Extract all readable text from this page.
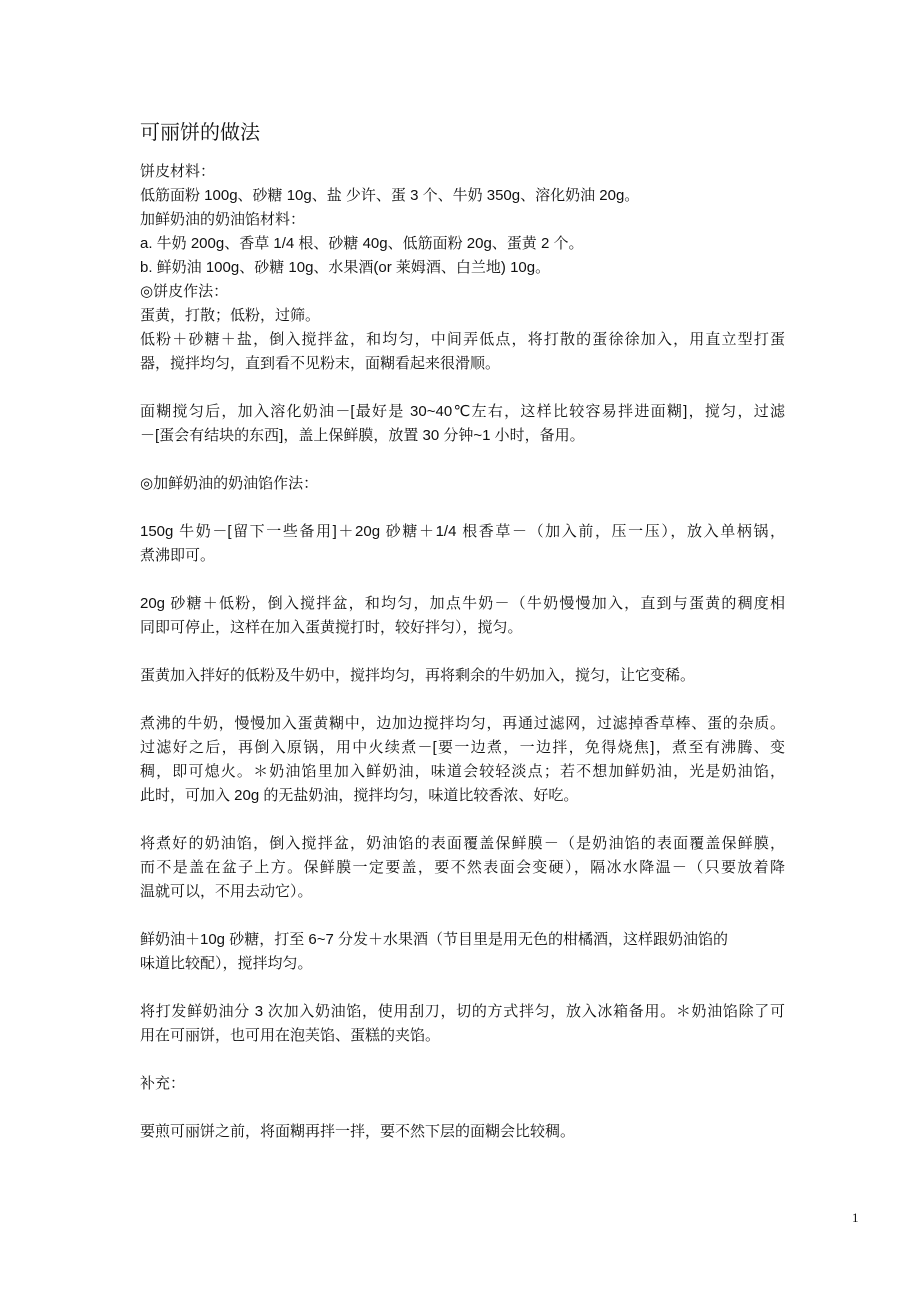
可丽饼的做法
饼皮材料：
低筋面粉 100g、砂糖 10g、盐 少许、蛋 3 个、牛奶 350g、溶化奶油 20g。
加鲜奶油的奶油馅材料：
a. 牛奶 200g、香草 1/4 根、砂糖 40g、低筋面粉 20g、蛋黄 2 个。
b. 鲜奶油 100g、砂糖 10g、水果酒(or 莱姆酒、白兰地) 10g。
◎饼皮作法：
蛋黄，打散；低粉，过筛。
低粉＋砂糖＋盐，倒入搅拌盆，和均匀，中间弄低点，将打散的蛋徐徐加入，用直立型打蛋
器，搅拌均匀，直到看不见粉末，面糊看起来很滑顺。
面糊搅匀后，加入溶化奶油－[最好是 30~40℃左右，这样比较容易拌进面糊]，搅匀，过滤
－[蛋会有结块的东西]，盖上保鲜膜，放置 30 分钟~1 小时，备用。
◎加鲜奶油的奶油馅作法：
150g 牛奶－[留下一些备用]＋20g 砂糖＋1/4 根香草－（加入前，压一压），放入单柄锅，
煮沸即可。
20g 砂糖＋低粉，倒入搅拌盆，和均匀，加点牛奶－（牛奶慢慢加入，直到与蛋黄的稠度相
同即可停止，这样在加入蛋黄搅打时，较好拌匀），搅匀。
蛋黄加入拌好的低粉及牛奶中，搅拌均匀，再将剩余的牛奶加入，搅匀，让它变稀。
煮沸的牛奶，慢慢加入蛋黄糊中，边加边搅拌均匀，再通过滤网，过滤掉香草棒、蛋的杂质。
过滤好之后，再倒入原锅，用中火续煮－[要一边煮，一边拌，免得烧焦]，煮至有沸腾、变
稠，即可熄火。＊奶油馅里加入鲜奶油，味道会较轻淡点；若不想加鲜奶油，光是奶油馅，
此时，可加入 20g 的无盐奶油，搅拌均匀，味道比较香浓、好吃。
将煮好的奶油馅，倒入搅拌盆，奶油馅的表面覆盖保鲜膜－（是奶油馅的表面覆盖保鲜膜，
而不是盖在盆子上方。保鲜膜一定要盖，要不然表面会变硬），隔冰水降温－（只要放着降
温就可以，不用去动它）。
鲜奶油＋10g 砂糖，打至 6~7 分发＋水果酒（节目里是用无色的柑橘酒，这样跟奶油馅的
味道比较配），搅拌均匀。
将打发鲜奶油分 3 次加入奶油馅，使用刮刀，切的方式拌匀，放入冰箱备用。＊奶油馅除了可
用在可丽饼，也可用在泡芙馅、蛋糕的夹馅。
补充：
要煎可丽饼之前，将面糊再拌一拌，要不然下层的面糊会比较稠。
1
